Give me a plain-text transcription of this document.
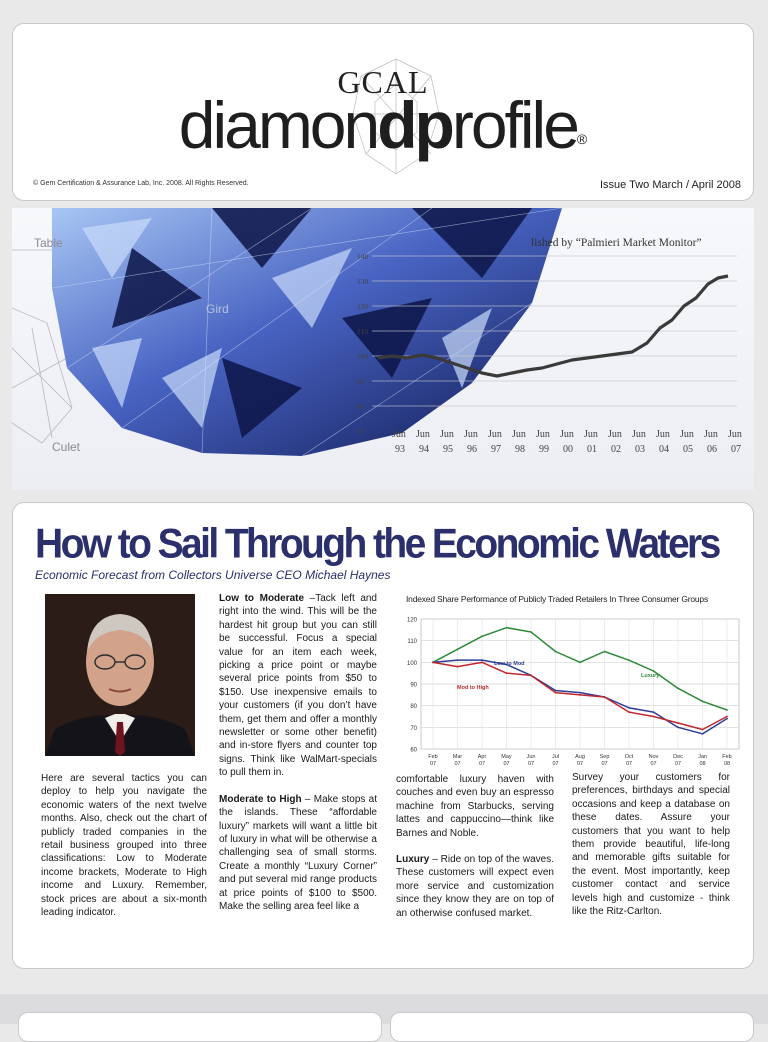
GCAL
diamondprofile®
© Gem Certification & Assurance Lab, Inc. 2008. All Rights Reserved.	Issue Two March / April 2008
Culet
Table
Gird
lished by “Palmieri Market Monitor”
140
130
120
110
100
90
80
70	Jun
93
Jun
94
Jun
95
Jun
96
Jun
97
Jun
98
Jun
99
Jun
00
Jun
01
Jun
02
Jun
03
Jun
04
Jun
05
Jun
06
Jun
07
How to Sail Through the Economic Waters
Economic Forecast from Collectors Universe CEO Michael Haynes

Here are several tactics you can deploy to help you navigate the economic waters of the next twelve months. Also, check out the chart of publicly traded companies in the retail business grouped into three classifications: Low to Moderate income brackets, Moderate to High income and Luxury. Remember, stock prices are about a six-month leading indicator.

Low to Moderate –Tack left and right into the wind. This will be the hardest hit group but you can still be successful. Focus a special value for an item each week, picking a price point or maybe several price points from $50 to $150. Use inexpensive emails to your customers (if you don’t have them, get them and offer a monthly newsletter or some other benefit) and in-store flyers and counter top signs. Think like WalMart-specials to pull them in.

Moderate to High – Make stops at the islands. These “affordable luxury” markets will want a little bit of luxury in what will be otherwise a challenging sea of small storms. Create a monthly “Luxury Corner” and put several mid range products at price points of $100 to $500. Make the selling area feel like a

Indexed Share Performance of Publicly Traded Retailers In Three Consumer Groups
60
70
80
90
100
110
120
Feb
07
Mar
07
Apr
07
May
07
Jun
07
Jul
07
Aug
07
Sep
07
Oct
07
Nov
07
Dec
07
Jan
08
Feb
08
Luxury
Low to Mod
Mod to High

comfortable luxury haven with couches and even buy an espresso machine from Starbucks, serving lattes and cappuccino—think like Barnes and Noble.

Luxury – Ride on top of the waves. These customers will expect even more service and customization since they know they are on top of an otherwise confused market.

Survey your customers for preferences, birthdays and special occasions and keep a database on these dates. Assure your customers that you want to help them provide beautiful, life-long and memorable gifts suitable for the event. Most importantly, keep customer contact and service levels high and customize - think like the Ritz-Carlton.
